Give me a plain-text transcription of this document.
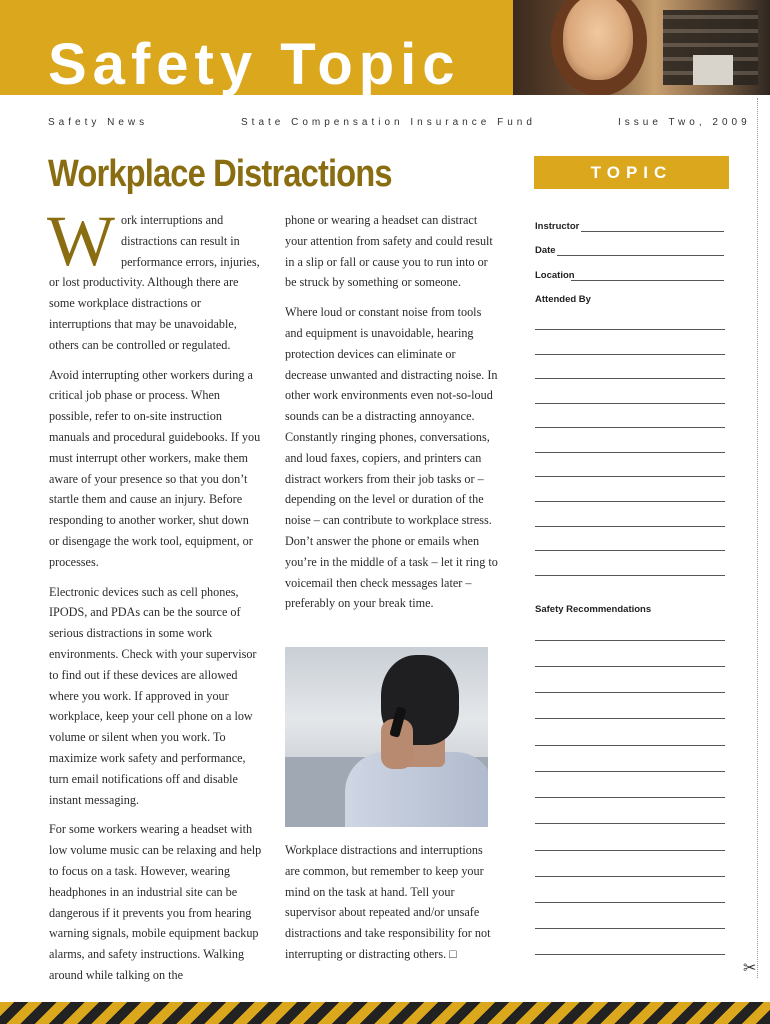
Safety Topic
Safety News	State Compensation Insurance Fund	Issue Two, 2009
Workplace Distractions

Work interruptions and distractions can result in performance errors, injuries, or lost productivity. Although there are some workplace distractions or interruptions that may be unavoidable, others can be controlled or regulated.

Avoid interrupting other workers during a critical job phase or process. When possible, refer to on-site instruction manuals and procedural guidebooks. If you must interrupt other workers, make them aware of your presence so that you don’t startle them and cause an injury. Before responding to another worker, shut down or disengage the work tool, equipment, or processes.

Electronic devices such as cell phones, IPODS, and PDAs can be the source of serious distractions in some work environments. Check with your supervisor to find out if these devices are allowed where you work. If approved in your workplace, keep your cell phone on a low volume or silent when you work. To maximize work safety and performance, turn email notifications off and disable instant messaging.

For some workers wearing a headset with low volume music can be relaxing and help to focus on a task. However, wearing headphones in an industrial site can be dangerous if it prevents you from hearing warning signals, mobile equipment backup alarms, and safety instructions. Walking around while talking on the

phone or wearing a headset can distract your attention from safety and could result in a slip or fall or cause you to run into or be struck by something or someone.

Where loud or constant noise from tools and equipment is unavoidable, hearing protection devices can eliminate or decrease unwanted and distracting noise. In other work environments even not-so-loud sounds can be a distracting annoyance. Constantly ringing phones, conversations, and loud faxes, copiers, and printers can distract workers from their job tasks or – depending on the level or duration of the noise – can contribute to workplace stress. Don’t answer the phone or emails when you’re in the middle of a task – let it ring to voicemail then check messages later – preferably on your break time.

Workplace distractions and interruptions are common, but remember to keep your mind on the task at hand. Tell your supervisor about repeated and/or unsafe distractions and take responsibility for not interrupting or distracting others. □

TOPIC REVIEW
Instructor
Date
Location
Attended By
Safety Recommendations
✂
